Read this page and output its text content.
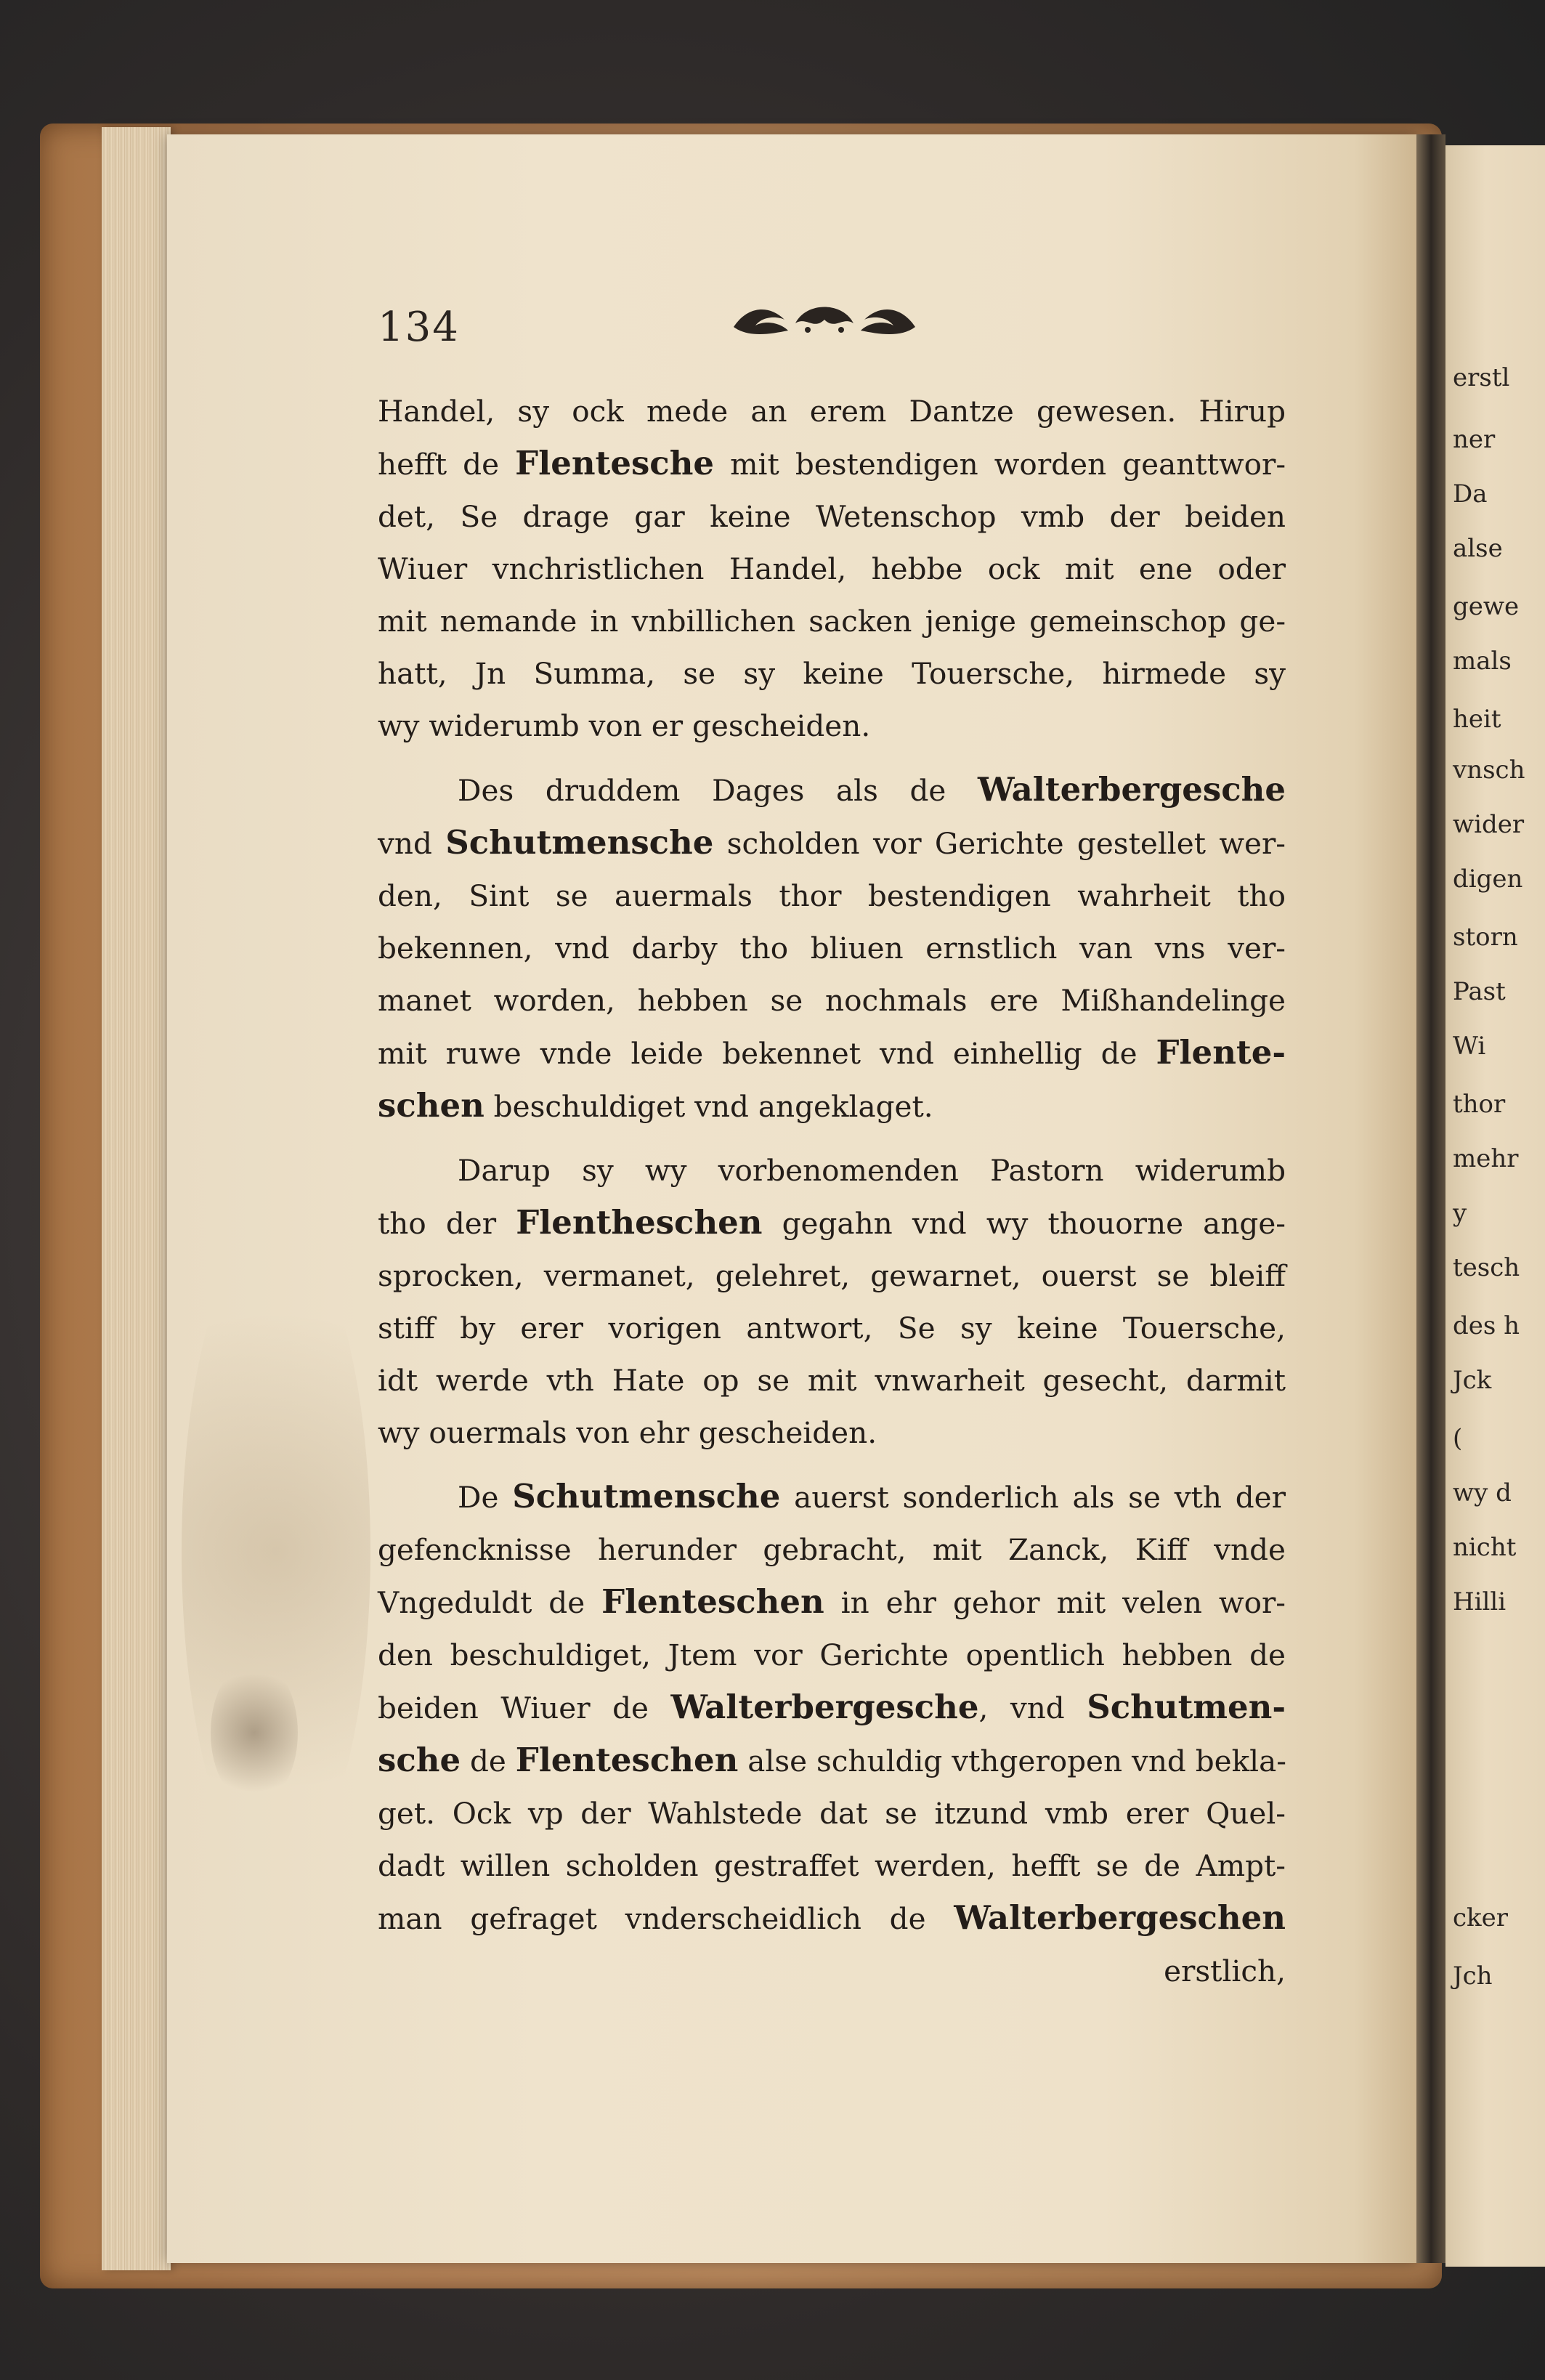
erstl
ner
Da
alse
gewe
mals
heit
vnsch
wider
digen
storn
Past
Wi
thor
mehr
y
tesch
des h
Jck
(
wy d
nicht
Hilli
cker
Jch
134
Handel, sy ock mede an erem Dantze gewesen. Hirup
hefft de Flentesche mit bestendigen worden geanttwor-
det, Se drage gar keine Wetenschop vmb der beiden
Wiuer vnchristlichen Handel, hebbe ock mit ene oder
mit nemande in vnbillichen sacken jenige gemeinschop ge-
hatt, Jn Summa, se sy keine Touersche, hirmede sy
wy widerumb von er gescheiden.
Des druddem Dages als de Walterbergesche
vnd Schutmensche scholden vor Gerichte gestellet wer-
den, Sint se auermals thor bestendigen wahrheit tho
bekennen, vnd darby tho bliuen ernstlich van vns ver-
manet worden, hebben se nochmals ere Mißhandelinge
mit ruwe vnde leide bekennet vnd einhellig de Flente-
schen beschuldiget vnd angeklaget.
Darup sy wy vorbenomenden Pastorn widerumb
tho der Flentheschen gegahn vnd wy thouorne ange-
sprocken, vermanet, gelehret, gewarnet, ouerst se bleiff
stiff by erer vorigen antwort, Se sy keine Touersche,
idt werde vth Hate op se mit vnwarheit gesecht, darmit
wy ouermals von ehr gescheiden.
De Schutmensche auerst sonderlich als se vth der
gefencknisse herunder gebracht, mit Zanck, Kiff vnde
Vngeduldt de Flenteschen in ehr gehor mit velen wor-
den beschuldiget, Jtem vor Gerichte opentlich hebben de
beiden Wiuer de Walterbergesche, vnd Schutmen-
sche de Flenteschen alse schuldig vthgeropen vnd bekla-
get. Ock vp der Wahlstede dat se itzund vmb erer Quel-
dadt willen scholden gestraffet werden, hefft se de Ampt-
man gefraget vnderscheidlich de Walterbergeschen
erstlich,
